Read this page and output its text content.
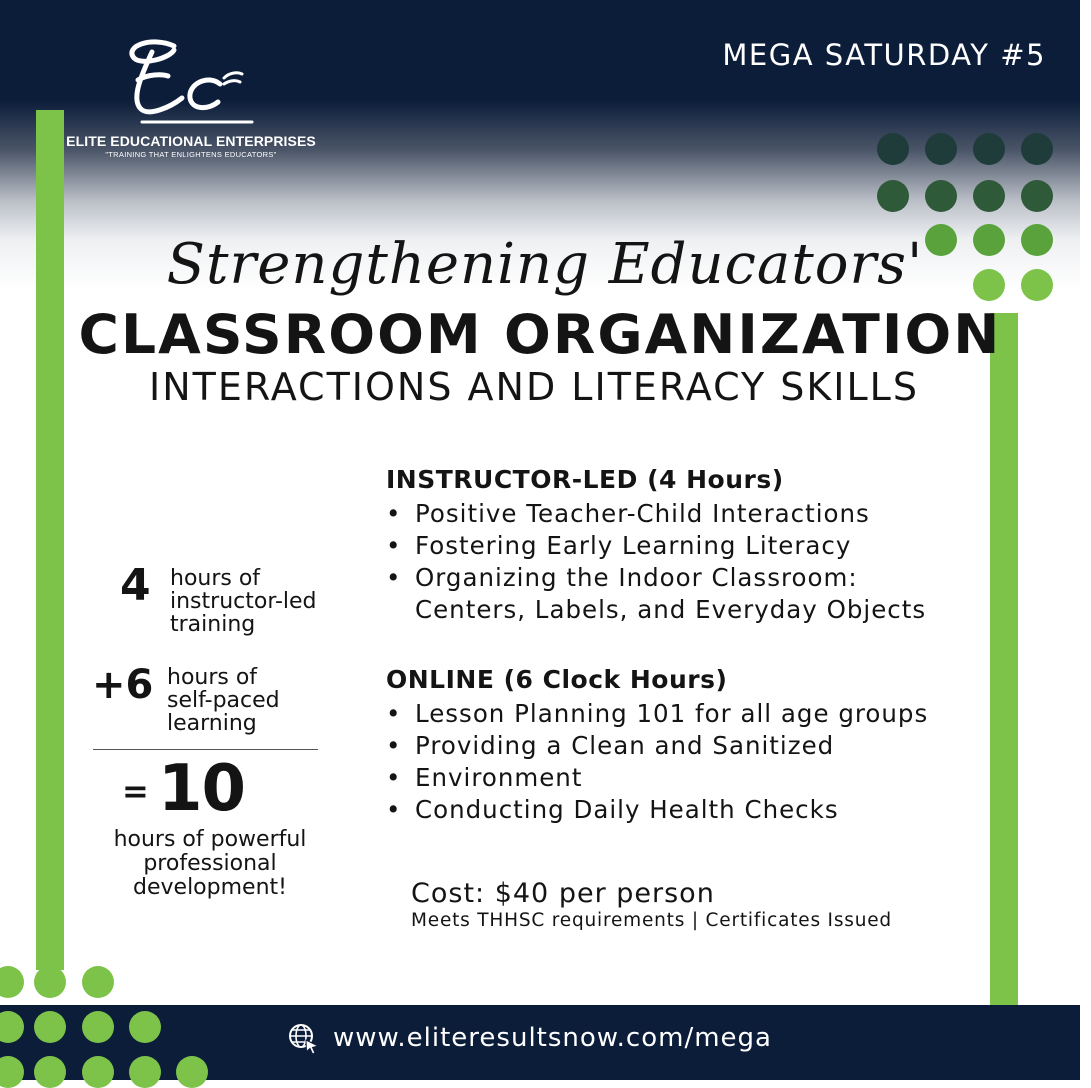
ELITE EDUCATIONAL ENTERPRISES
"TRAINING THAT ENLIGHTENS EDUCATORS"
MEGA SATURDAY #5
Strengthening Educators'
CLASSROOM ORGANIZATION
INTERACTIONS AND LITERACY SKILLS
4 hours of
instructor-led
training
+6 hours of
self-paced
learning
= 10
hours of powerful
professional
development!
INSTRUCTOR-LED (4 Hours)
• Positive Teacher-Child Interactions
• Fostering Early Learning Literacy
• Organizing the Indoor Classroom:
Centers, Labels, and Everyday Objects
ONLINE (6 Clock Hours)
• Lesson Planning 101 for all age groups
• Providing a Clean and Sanitized
• Environment
• Conducting Daily Health Checks
Cost: $40 per person
Meets THHSC requirements | Certificates Issued
www.eliteresultsnow.com/mega
